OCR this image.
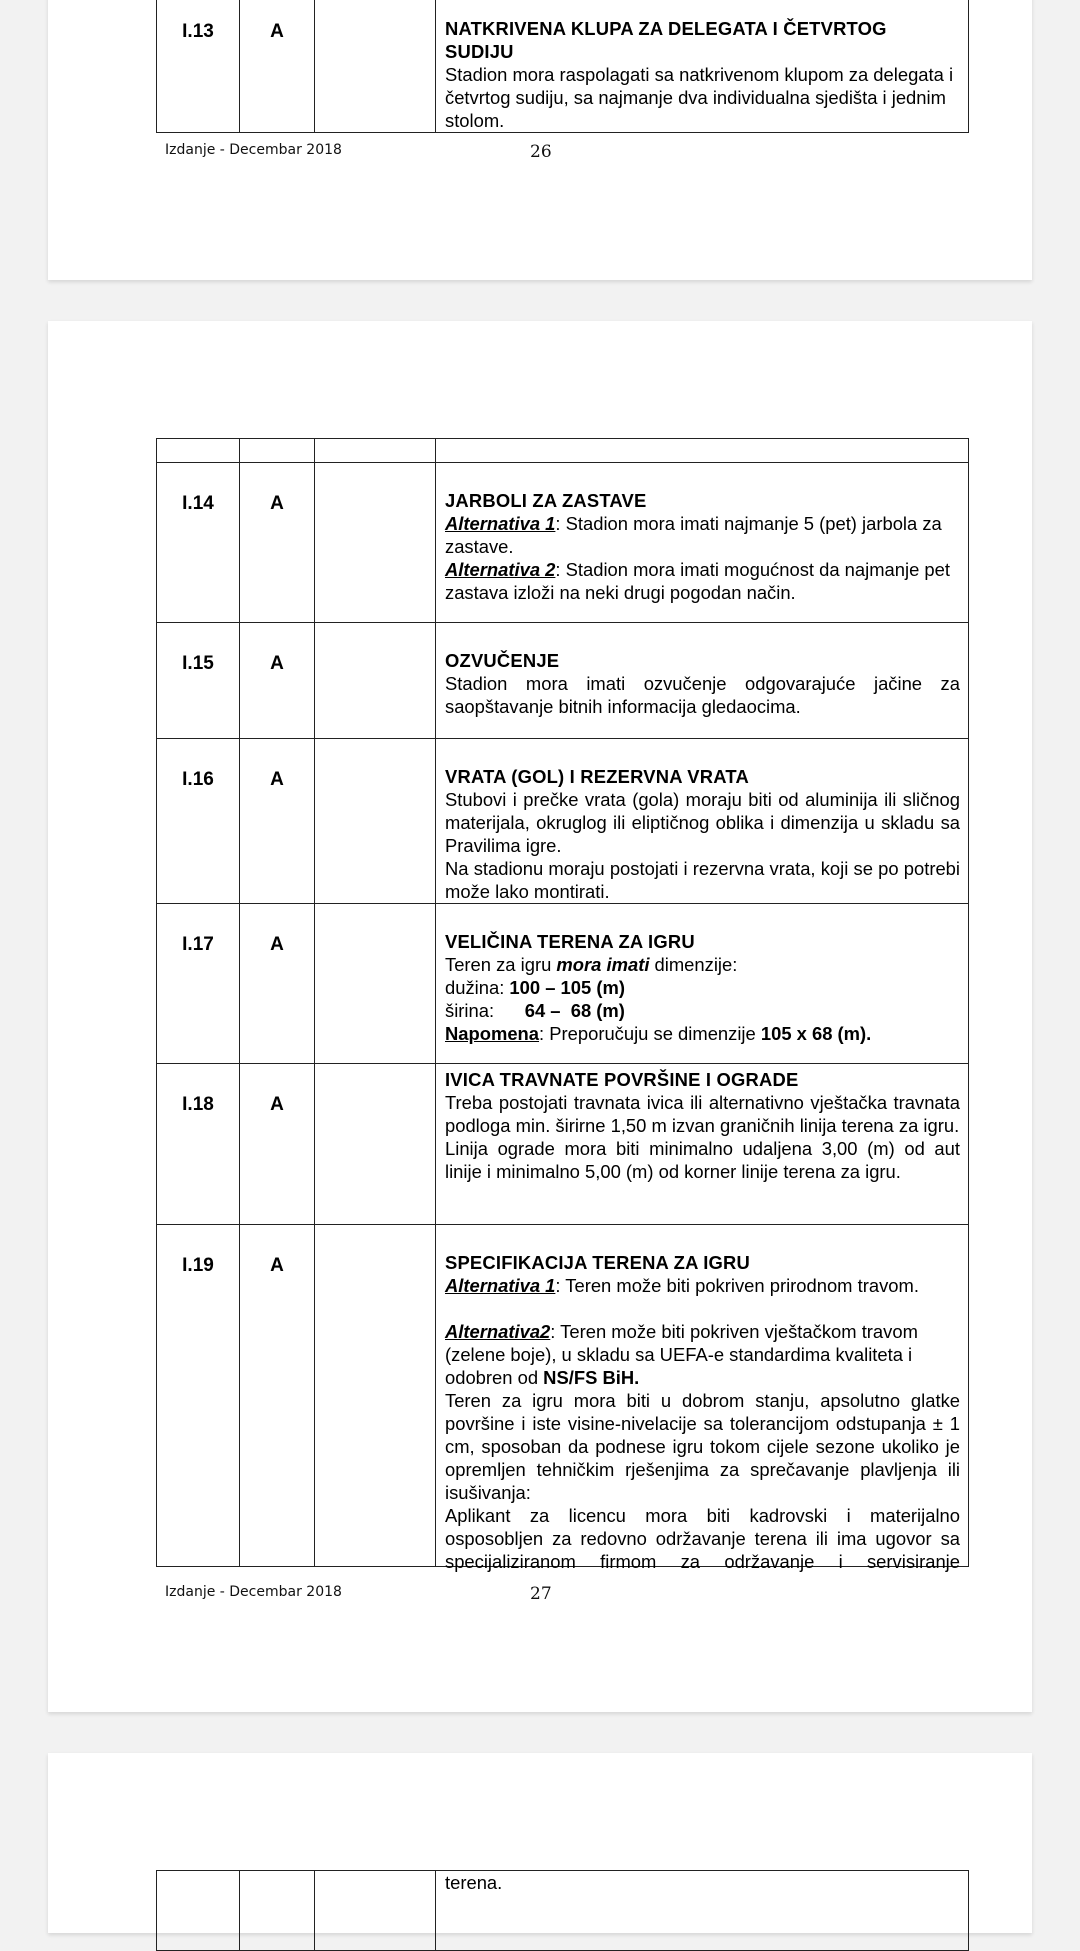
I.13	A		NATKRIVENA KLUPA ZA DELEGATA I ČETVRTOG SUDIJU
Stadion mora raspolagati sa natkrivenom klupom za delegata i četvrtog sudiju, sa najmanje dva individualna sjedišta i jednim stolom.
Izdanje - Decembar 2018	26

I.14	A		JARBOLI ZA ZASTAVE
Alternativa 1: Stadion mora imati najmanje 5 (pet) jarbola za zastave.
Alternativa 2: Stadion mora imati mogućnost da najmanje pet zastava izloži na neki drugi pogodan način.

I.15	A		OZVUČENJE
Stadion mora imati ozvučenje odgovarajuće jačine za saopštavanje bitnih informacija gledaocima.

I.16	A		VRATA (GOL) I REZERVNA VRATA
Stubovi i prečke vrata (gola) moraju biti od aluminija ili sličnog materijala, okruglog ili eliptičnog oblika i dimenzija u skladu sa Pravilima igre.
Na stadionu moraju postojati i rezervna vrata, koji se po potrebi može lako montirati.

I.17	A		VELIČINA TERENA ZA IGRU
Teren za igru mora imati dimenzije:
dužina: 100 – 105 (m)
širina:      64 –  68 (m)
Napomena: Preporučuju se dimenzije 105 x 68 (m).

I.18	A		IVICA TRAVNATE POVRŠINE I OGRADE
Treba postojati travnata ivica ili alternativno vještačka travnata podloga min. širirne 1,50 m izvan graničnih linija terena za igru.
Linija ograde mora biti minimalno udaljena 3,00 (m) od aut linije i minimalno 5,00 (m) od korner linije terena za igru.

I.19	A		SPECIFIKACIJA TERENA ZA IGRU
Alternativa 1: Teren može biti pokriven prirodnom travom.
Alternativa2: Teren može biti pokriven vještačkom travom (zelene boje), u skladu sa UEFA-e standardima kvaliteta i odobren od NS/FS BiH.
Teren za igru mora biti u dobrom stanju, apsolutno glatke površine i iste visine-nivelacije sa tolerancijom odstupanja ± 1 cm, sposoban da podnese igru tokom cijele sezone ukoliko je opremljen tehničkim rješenjima za sprečavanje plavljenja ili isušivanja:
Aplikant za licencu mora biti kadrovski i materijalno osposobljen za redovno održavanje terena ili ima ugovor sa specijaliziranom firmom za održavanje i servisiranje
Izdanje - Decembar 2018	27

terena.
